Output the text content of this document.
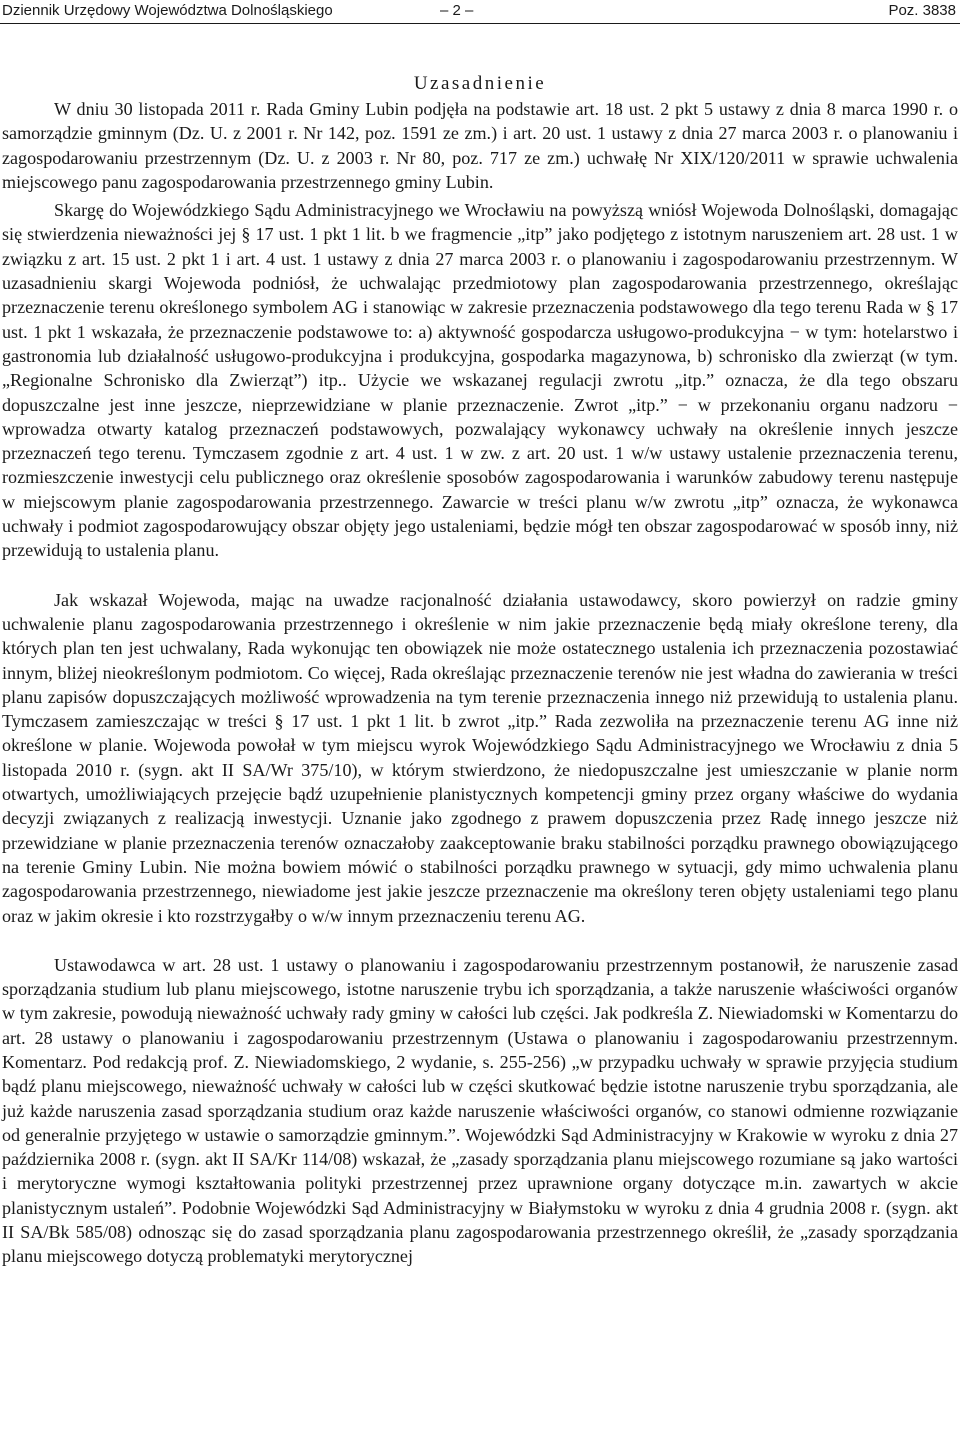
Dziennik Urzędowy Województwa Dolnośląskiego	– 2 –	Poz. 3838
Uzasadnienie

W dniu 30 listopada 2011 r. Rada Gminy Lubin podjęła na podstawie art. 18 ust. 2 pkt 5 ustawy z dnia 8 marca 1990 r. o samorządzie gminnym (Dz. U. z 2001 r. Nr 142, poz. 1591 ze zm.) i art. 20 ust. 1 ustawy z dnia 27 marca 2003 r. o planowaniu i zagospodarowaniu przestrzennym (Dz. U. z 2003 r. Nr 80, poz. 717 ze zm.) uchwałę Nr XIX/120/2011 w sprawie uchwalenia miejscowego panu zagospodarowania przestrzennego gminy Lubin.

Skargę do Wojewódzkiego Sądu Administracyjnego we Wrocławiu na powyższą wniósł Wojewoda Dolnośląski, domagając się stwierdzenia nieważności jej § 17 ust. 1 pkt 1 lit. b we fragmencie „itp” jako podjętego z istotnym naruszeniem art. 28 ust. 1 w związku z art. 15 ust. 2 pkt 1 i art. 4 ust. 1 ustawy z dnia 27 marca 2003 r. o planowaniu i zagospodarowaniu przestrzennym. W uzasadnieniu skargi Wojewoda podniósł, że uchwalając przedmiotowy plan zagospodarowania przestrzennego, określając przeznaczenie terenu określonego symbolem AG i stanowiąc w zakresie przeznaczenia podstawowego dla tego terenu Rada w § 17 ust. 1 pkt 1 wskazała, że przeznaczenie podstawowe to: a) aktywność gospodarcza usługowo-produkcyjna − w tym: hotelarstwo i gastronomia lub działalność usługowo-produkcyjna i produkcyjna, gospodarka magazynowa, b) schronisko dla zwierząt (w tym. „Regionalne Schronisko dla Zwierząt”) itp.. Użycie we wskazanej regulacji zwrotu „itp.” oznacza, że dla tego obszaru dopuszczalne jest inne jeszcze, nieprzewidziane w planie przeznaczenie. Zwrot „itp.” − w przekonaniu organu nadzoru − wprowadza otwarty katalog przeznaczeń podstawowych, pozwalający wykonawcy uchwały na określenie innych jeszcze przeznaczeń tego terenu. Tymczasem zgodnie z art. 4 ust. 1 w zw. z art. 20 ust. 1 w/w ustawy ustalenie przeznaczenia terenu, rozmieszczenie inwestycji celu publicznego oraz określenie sposobów zagospodarowania i warunków zabudowy terenu następuje w miejscowym planie zagospodarowania przestrzennego. Zawarcie w treści planu w/w zwrotu „itp” oznacza, że wykonawca uchwały i podmiot zagospodarowujący obszar objęty jego ustaleniami, będzie mógł ten obszar zagospodarować w sposób inny, niż przewidują to ustalenia planu.

Jak wskazał Wojewoda, mając na uwadze racjonalność działania ustawodawcy, skoro powierzył on radzie gminy uchwalenie planu zagospodarowania przestrzennego i określenie w nim jakie przeznaczenie będą miały określone tereny, dla których plan ten jest uchwalany, Rada wykonując ten obowiązek nie może ostatecznego ustalenia ich przeznaczenia pozostawiać innym, bliżej nieokreślonym podmiotom. Co więcej, Rada określając przeznaczenie terenów nie jest władna do zawierania w treści planu zapisów dopuszczających możliwość wprowadzenia na tym terenie przeznaczenia innego niż przewidują to ustalenia planu. Tymczasem zamieszczając w treści § 17 ust. 1 pkt 1 lit. b zwrot „itp.” Rada zezwoliła na przeznaczenie terenu AG inne niż określone w planie. Wojewoda powołał w tym miejscu wyrok Wojewódzkiego Sądu Administracyjnego we Wrocławiu z dnia 5 listopada 2010 r. (sygn. akt II SA/Wr 375/10), w którym stwierdzono, że niedopuszczalne jest umieszczanie w planie norm otwartych, umożliwiających przejęcie bądź uzupełnienie planistycznych kompetencji gminy przez organy właściwe do wydania decyzji związanych z realizacją inwestycji. Uznanie jako zgodnego z prawem dopuszczenia przez Radę innego jeszcze niż przewidziane w planie przeznaczenia terenów oznaczałoby zaakceptowanie braku stabilności porządku prawnego obowiązującego na terenie Gminy Lubin. Nie można bowiem mówić o stabilności porządku prawnego w sytuacji, gdy mimo uchwalenia planu zagospodarowania przestrzennego, niewiadome jest jakie jeszcze przeznaczenie ma określony teren objęty ustaleniami tego planu oraz w jakim okresie i kto rozstrzygałby o w/w innym przeznaczeniu terenu AG.

Ustawodawca w art. 28 ust. 1 ustawy o planowaniu i zagospodarowaniu przestrzennym postanowił, że naruszenie zasad sporządzania studium lub planu miejscowego, istotne naruszenie trybu ich sporządzania, a także naruszenie właściwości organów w tym zakresie, powodują nieważność uchwały rady gminy w całości lub części. Jak podkreśla Z. Niewiadomski w Komentarzu do art. 28 ustawy o planowaniu i zagospodarowaniu przestrzennym (Ustawa o planowaniu i zagospodarowaniu przestrzennym. Komentarz. Pod redakcją prof. Z. Niewiadomskiego, 2 wydanie, s. 255-256) „w przypadku uchwały w sprawie przyjęcia studium bądź planu miejscowego, nieważność uchwały w całości lub w części skutkować będzie istotne naruszenie trybu sporządzania, ale już każde naruszenia zasad sporządzania studium oraz każde naruszenie właściwości organów, co stanowi odmienne rozwiązanie od generalnie przyjętego w ustawie o samorządzie gminnym.”. Wojewódzki Sąd Administracyjny w Krakowie w wyroku z dnia 27 października 2008 r. (sygn. akt II SA/Kr 114/08) wskazał, że „zasady sporządzania planu miejscowego rozumiane są jako wartości i merytoryczne wymogi kształtowania polityki przestrzennej przez uprawnione organy dotyczące m.in. zawartych w akcie planistycznym ustaleń”. Podobnie Wojewódzki Sąd Administracyjny w Białymstoku w wyroku z dnia 4 grudnia 2008 r. (sygn. akt II SA/Bk 585/08) odnosząc się do zasad sporządzania planu zagospodarowania przestrzennego określił, że „zasady sporządzania planu miejscowego dotyczą problematyki merytorycznej
